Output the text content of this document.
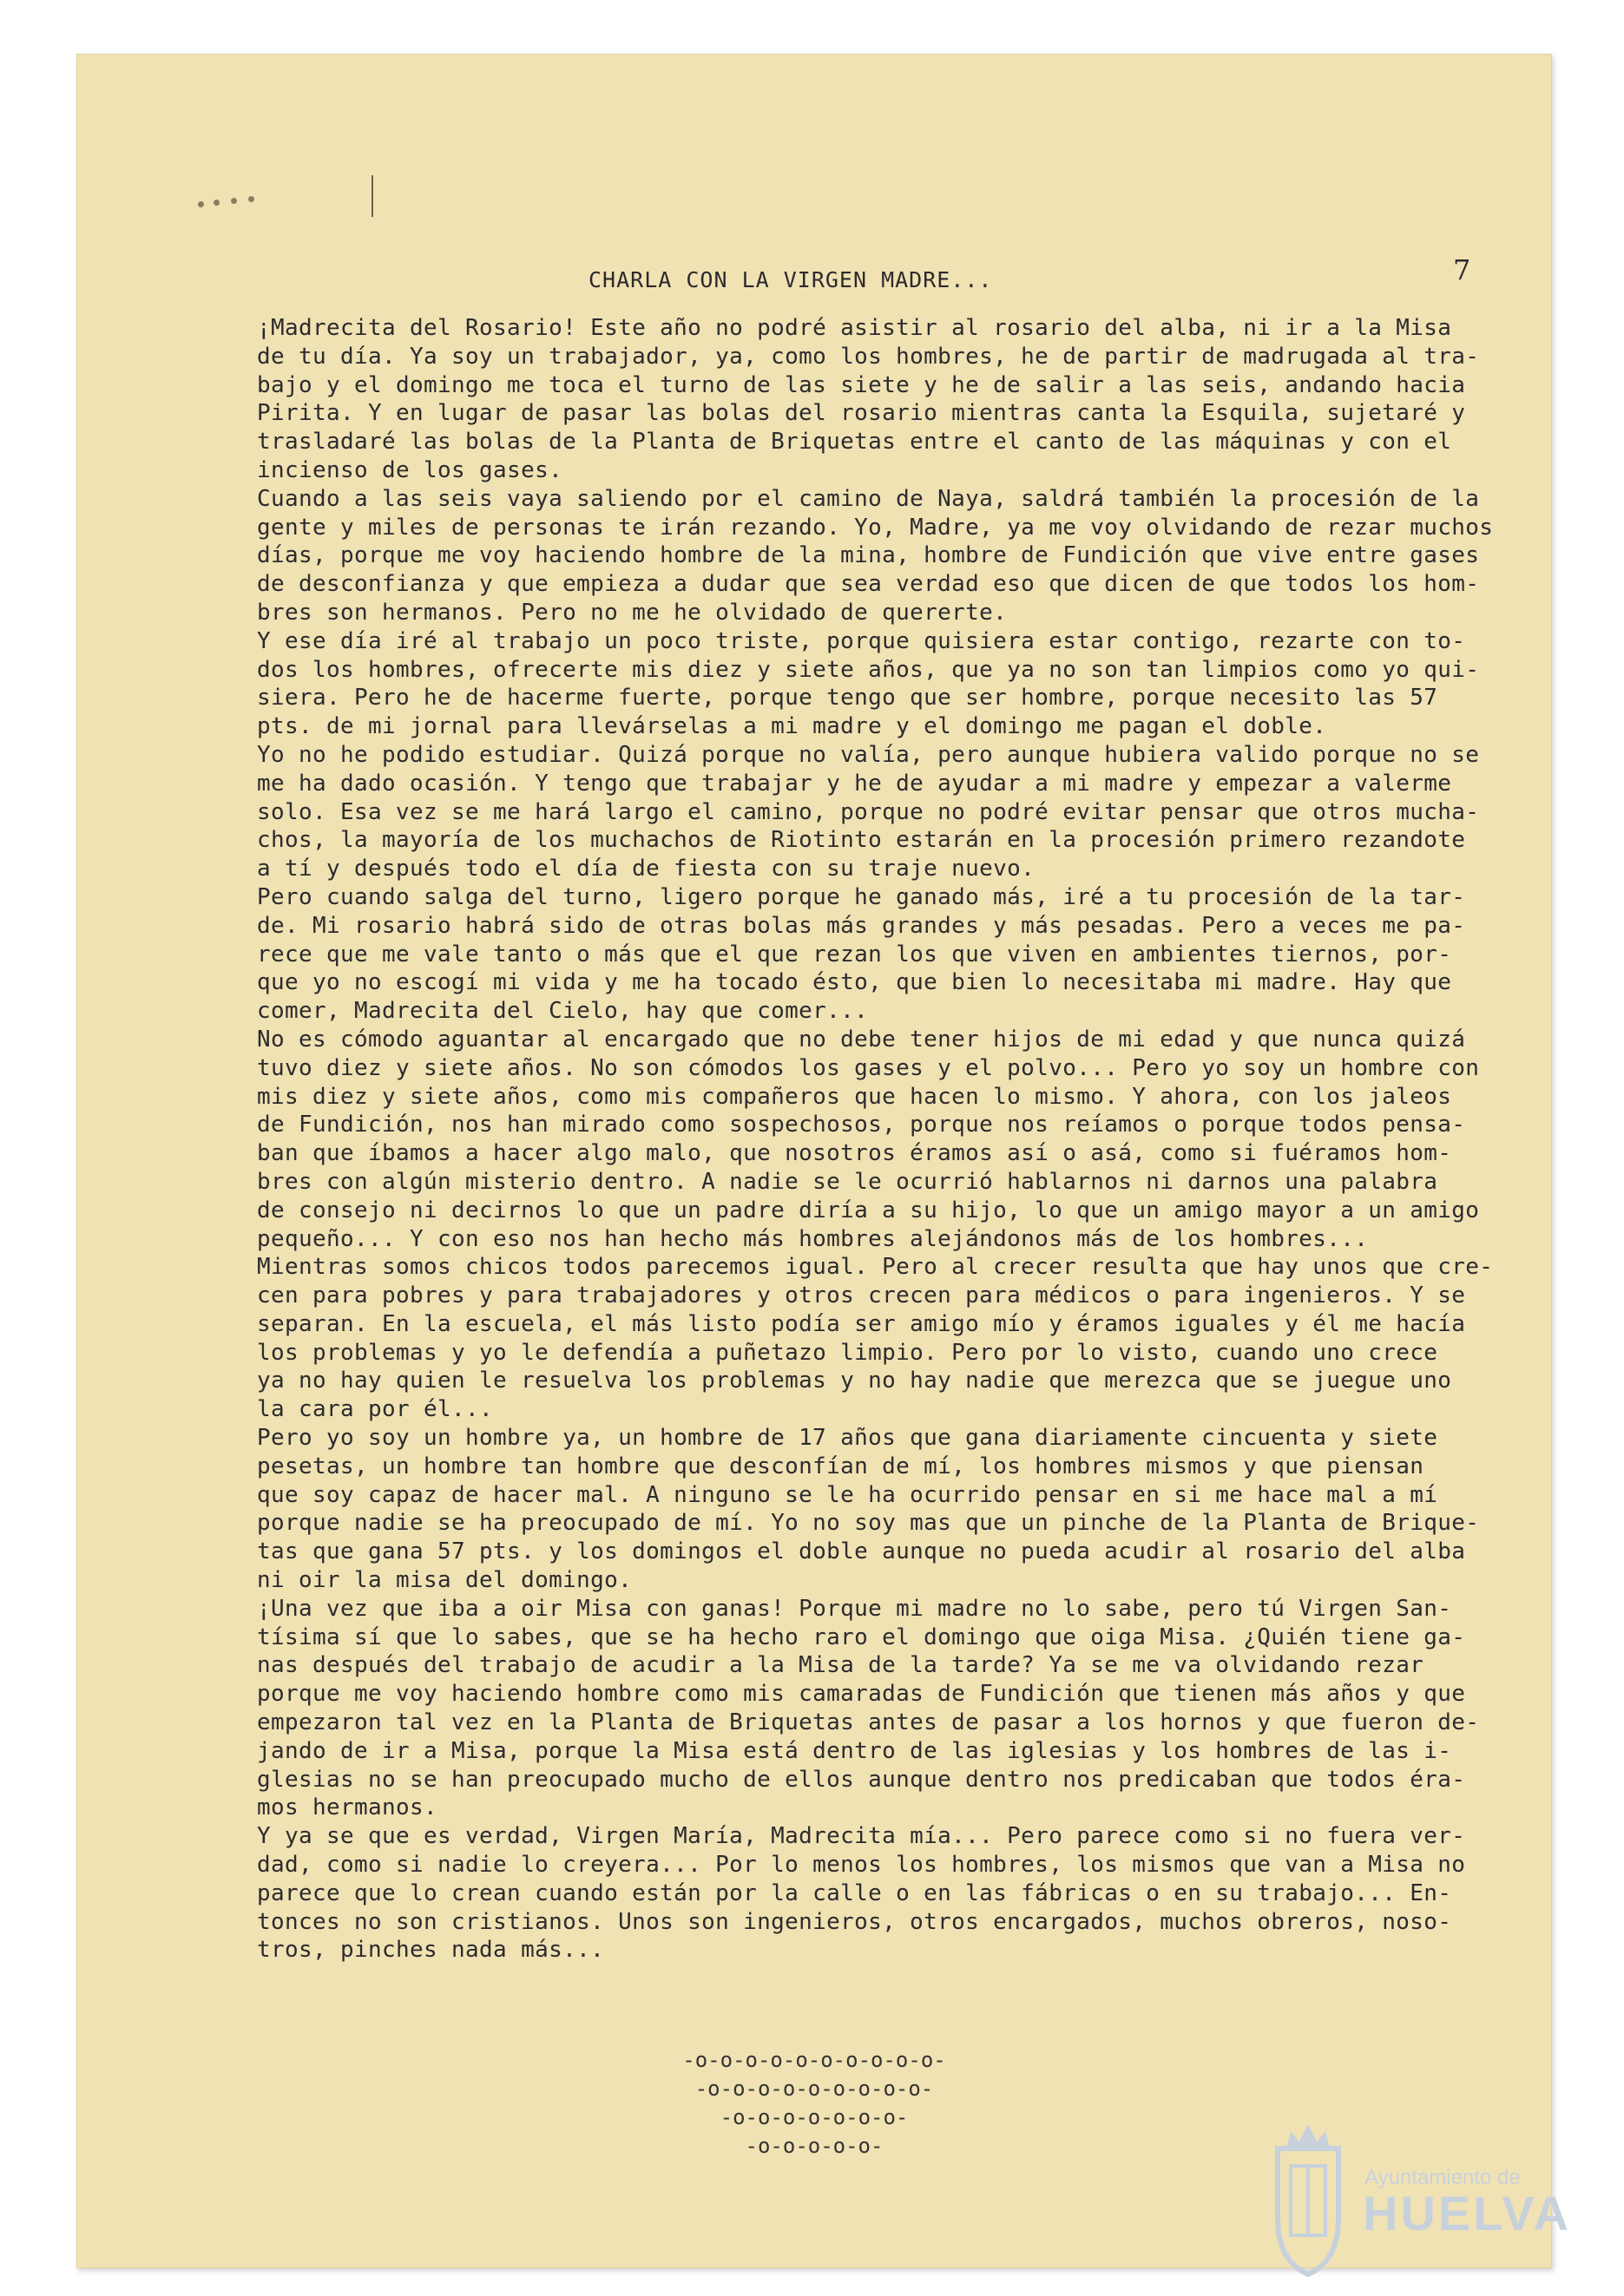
CHARLA CON LA VIRGEN MADRE...	7
¡Madrecita del Rosario! Este año no podré asistir al rosario del alba, ni ir a la Misa
de tu día. Ya soy un trabajador, ya, como los hombres, he de partir de madrugada al tra-
bajo y el domingo me toca el turno de las siete y he de salir a las seis, andando hacia
Pirita. Y en lugar de pasar las bolas del rosario mientras canta la Esquila, sujetaré y
trasladaré las bolas de la Planta de Briquetas entre el canto de las máquinas y con el
incienso de los gases.
Cuando a las seis vaya saliendo por el camino de Naya, saldrá también la procesión de la
gente y miles de personas te irán rezando. Yo, Madre, ya me voy olvidando de rezar muchos
días, porque me voy haciendo hombre de la mina, hombre de Fundición que vive entre gases
de desconfianza y que empieza a dudar que sea verdad eso que dicen de que todos los hom-
bres son hermanos. Pero no me he olvidado de quererte.
Y ese día iré al trabajo un poco triste, porque quisiera estar contigo, rezarte con to-
dos los hombres, ofrecerte mis diez y siete años, que ya no son tan limpios como yo qui-
siera. Pero he de hacerme fuerte, porque tengo que ser hombre, porque necesito las 57
pts. de mi jornal para llevárselas a mi madre y el domingo me pagan el doble.
Yo no he podido estudiar. Quizá porque no valía, pero aunque hubiera valido porque no se
me ha dado ocasión. Y tengo que trabajar y he de ayudar a mi madre y empezar a valerme
solo. Esa vez se me hará largo el camino, porque no podré evitar pensar que otros mucha-
chos, la mayoría de los muchachos de Riotinto estarán en la procesión primero rezandote
a tí y después todo el día de fiesta con su traje nuevo.
Pero cuando salga del turno, ligero porque he ganado más, iré a tu procesión de la tar-
de. Mi rosario habrá sido de otras bolas más grandes y más pesadas. Pero a veces me pa-
rece que me vale tanto o más que el que rezan los que viven en ambientes tiernos, por-
que yo no escogí mi vida y me ha tocado ésto, que bien lo necesitaba mi madre. Hay que
comer, Madrecita del Cielo, hay que comer...
No es cómodo aguantar al encargado que no debe tener hijos de mi edad y que nunca quizá
tuvo diez y siete años. No son cómodos los gases y el polvo... Pero yo soy un hombre con
mis diez y siete años, como mis compañeros que hacen lo mismo. Y ahora, con los jaleos
de Fundición, nos han mirado como sospechosos, porque nos reíamos o porque todos pensa-
ban que íbamos a hacer algo malo, que nosotros éramos así o asá, como si fuéramos hom-
bres con algún misterio dentro. A nadie se le ocurrió hablarnos ni darnos una palabra
de consejo ni decirnos lo que un padre diría a su hijo, lo que un amigo mayor a un amigo
pequeño... Y con eso nos han hecho más hombres alejándonos más de los hombres...
Mientras somos chicos todos parecemos igual. Pero al crecer resulta que hay unos que cre-
cen para pobres y para trabajadores y otros crecen para médicos o para ingenieros. Y se
separan. En la escuela, el más listo podía ser amigo mío y éramos iguales y él me hacía
los problemas y yo le defendía a puñetazo limpio. Pero por lo visto, cuando uno crece
ya no hay quien le resuelva los problemas y no hay nadie que merezca que se juegue uno
la cara por él...
Pero yo soy un hombre ya, un hombre de 17 años que gana diariamente cincuenta y siete
pesetas, un hombre tan hombre que desconfían de mí, los hombres mismos y que piensan
que soy capaz de hacer mal. A ninguno se le ha ocurrido pensar en si me hace mal a mí
porque nadie se ha preocupado de mí. Yo no soy mas que un pinche de la Planta de Brique-
tas que gana 57 pts. y los domingos el doble aunque no pueda acudir al rosario del alba
ni oir la misa del domingo.
¡Una vez que iba a oir Misa con ganas! Porque mi madre no lo sabe, pero tú Virgen San-
tísima sí que lo sabes, que se ha hecho raro el domingo que oiga Misa. ¿Quién tiene ga-
nas después del trabajo de acudir a la Misa de la tarde? Ya se me va olvidando rezar
porque me voy haciendo hombre como mis camaradas de Fundición que tienen más años y que
empezaron tal vez en la Planta de Briquetas antes de pasar a los hornos y que fueron de-
jando de ir a Misa, porque la Misa está dentro de las iglesias y los hombres de las i-
glesias no se han preocupado mucho de ellos aunque dentro nos predicaban que todos éra-
mos hermanos.
Y ya se que es verdad, Virgen María, Madrecita mía... Pero parece como si no fuera ver-
dad, como si nadie lo creyera... Por lo menos los hombres, los mismos que van a Misa no
parece que lo crean cuando están por la calle o en las fábricas o en su trabajo... En-
tonces no son cristianos. Unos son ingenieros, otros encargados, muchos obreros, noso-
tros, pinches nada más...
-o-o-o-o-o-o-o-o-o-o-
-o-o-o-o-o-o-o-o-o-
-o-o-o-o-o-o-o-
-o-o-o-o-o-
Ayuntamiento de
HUELVA
